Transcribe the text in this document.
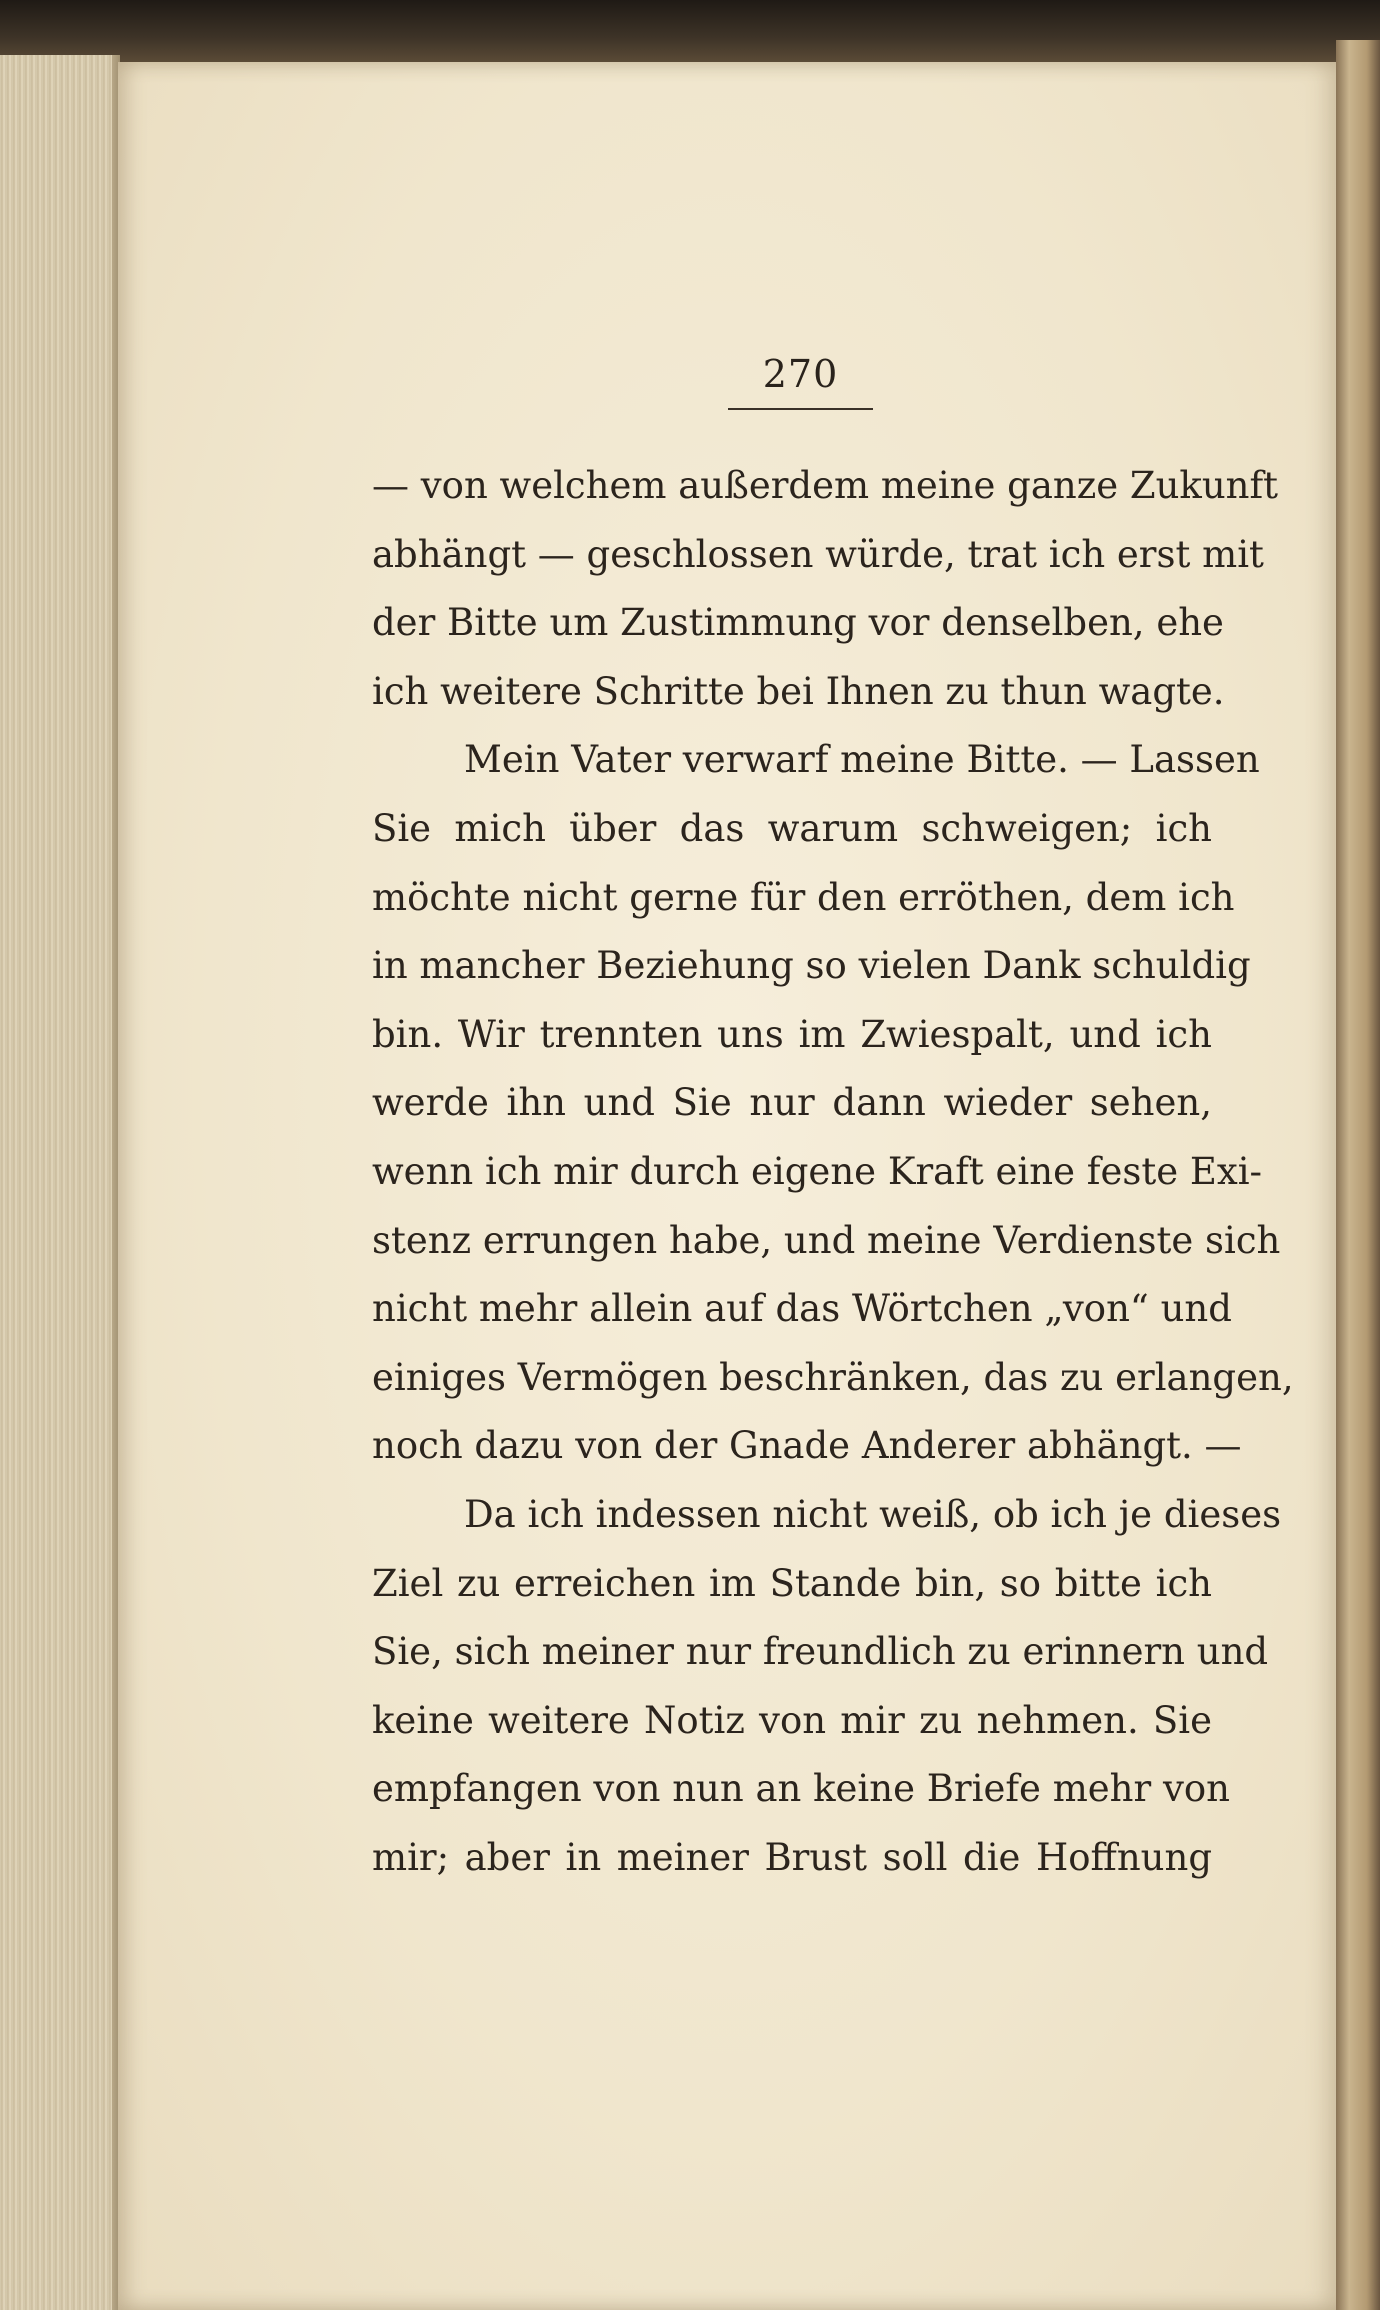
270
— von welchem außerdem meine ganze Zukunft
abhängt — geschlossen würde, trat ich erst mit
der Bitte um Zustimmung vor denselben, ehe
ich weitere Schritte bei Ihnen zu thun wagte.
Mein Vater verwarf meine Bitte. — Lassen
Sie mich über das warum schweigen; ich
möchte nicht gerne für den erröthen, dem ich
in mancher Beziehung so vielen Dank schuldig
bin. Wir trennten uns im Zwiespalt, und ich
werde ihn und Sie nur dann wieder sehen,
wenn ich mir durch eigene Kraft eine feste Exi-
stenz errungen habe, und meine Verdienste sich
nicht mehr allein auf das Wörtchen „von“ und
einiges Vermögen beschränken, das zu erlangen,
noch dazu von der Gnade Anderer abhängt. —
Da ich indessen nicht weiß, ob ich je dieses
Ziel zu erreichen im Stande bin, so bitte ich
Sie, sich meiner nur freundlich zu erinnern und
keine weitere Notiz von mir zu nehmen. Sie
empfangen von nun an keine Briefe mehr von
mir; aber in meiner Brust soll die Hoffnung
